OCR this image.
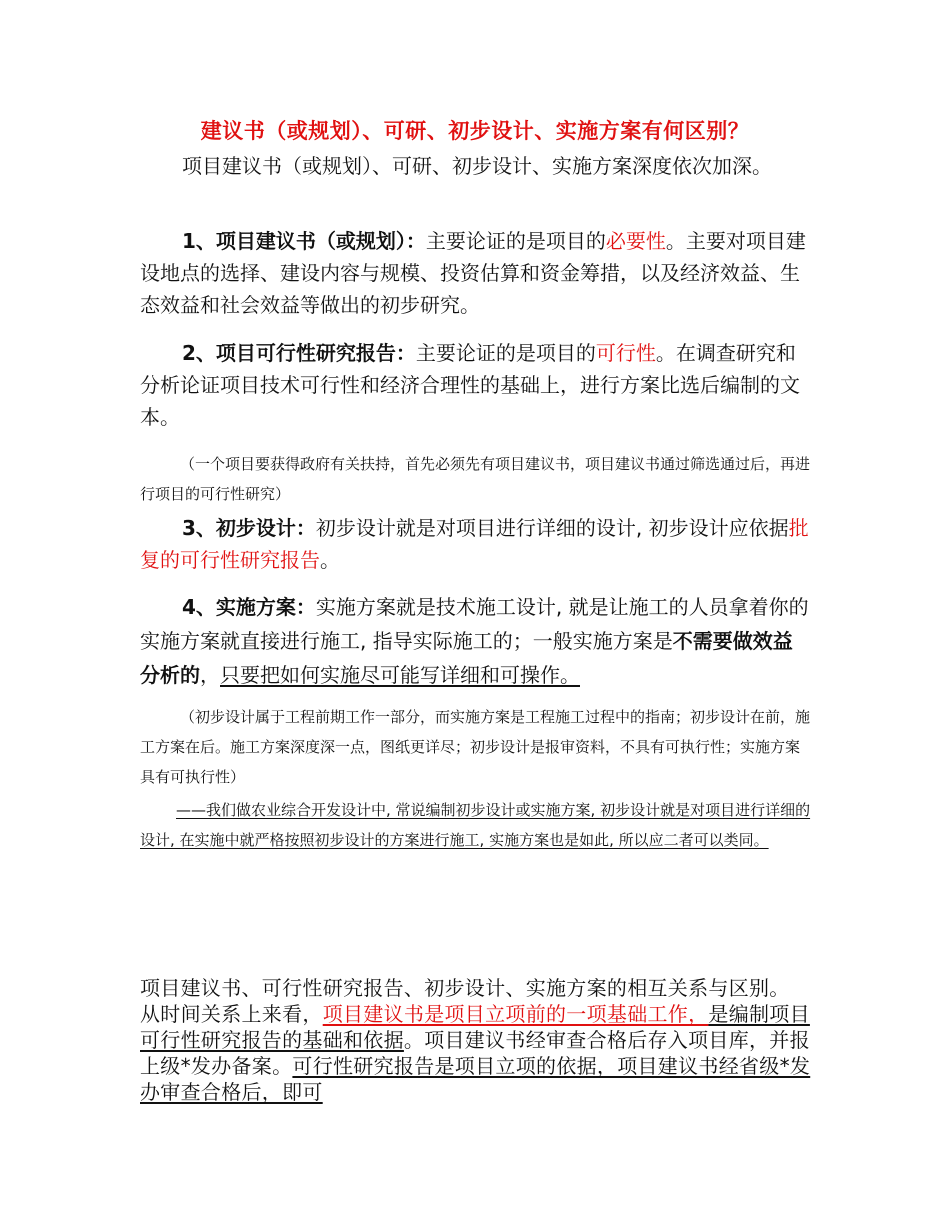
建议书（或规划）、可研、初步设计、实施方案有何区别？
项目建议书（或规划）、可研、初步设计、实施方案深度依次加深。
1、项目建议书（或规划）：主要论证的是项目的必要性。主要对项目建设地点的选择、建设内容与规模、投资估算和资金筹措，以及经济效益、生态效益和社会效益等做出的初步研究。
2、项目可行性研究报告：主要论证的是项目的可行性。在调查研究和分析论证项目技术可行性和经济合理性的基础上，进行方案比选后编制的文本。
（一个项目要获得政府有关扶持，首先必须先有项目建议书，项目建议书通过筛选通过后，再进行项目的可行性研究）
3、初步设计：初步设计就是对项目进行详细的设计, 初步设计应依据批复的可行性研究报告。
4、实施方案：实施方案就是技术施工设计, 就是让施工的人员拿着你的实施方案就直接进行施工, 指导实际施工的；一般实施方案是不需要做效益分析的，只要把如何实施尽可能写详细和可操作。
（初步设计属于工程前期工作一部分，而实施方案是工程施工过程中的指南；初步设计在前，施工方案在后。施工方案深度深一点，图纸更详尽；初步设计是报审资料，不具有可执行性；实施方案具有可执行性）
——我们做农业综合开发设计中, 常说编制初步设计或实施方案, 初步设计就是对项目进行详细的设计, 在实施中就严格按照初步设计的方案进行施工, 实施方案也是如此, 所以应二者可以类同。
项目建议书、可行性研究报告、初步设计、实施方案的相互关系与区别。　从时间关系上来看，项目建议书是项目立项前的一项基础工作，是编制项目可行性研究报告的基础和依据。项目建议书经审查合格后存入项目库，并报上级*发办备案。可行性研究报告是项目立项的依据，项目建议书经省级*发办审查合格后，即可
